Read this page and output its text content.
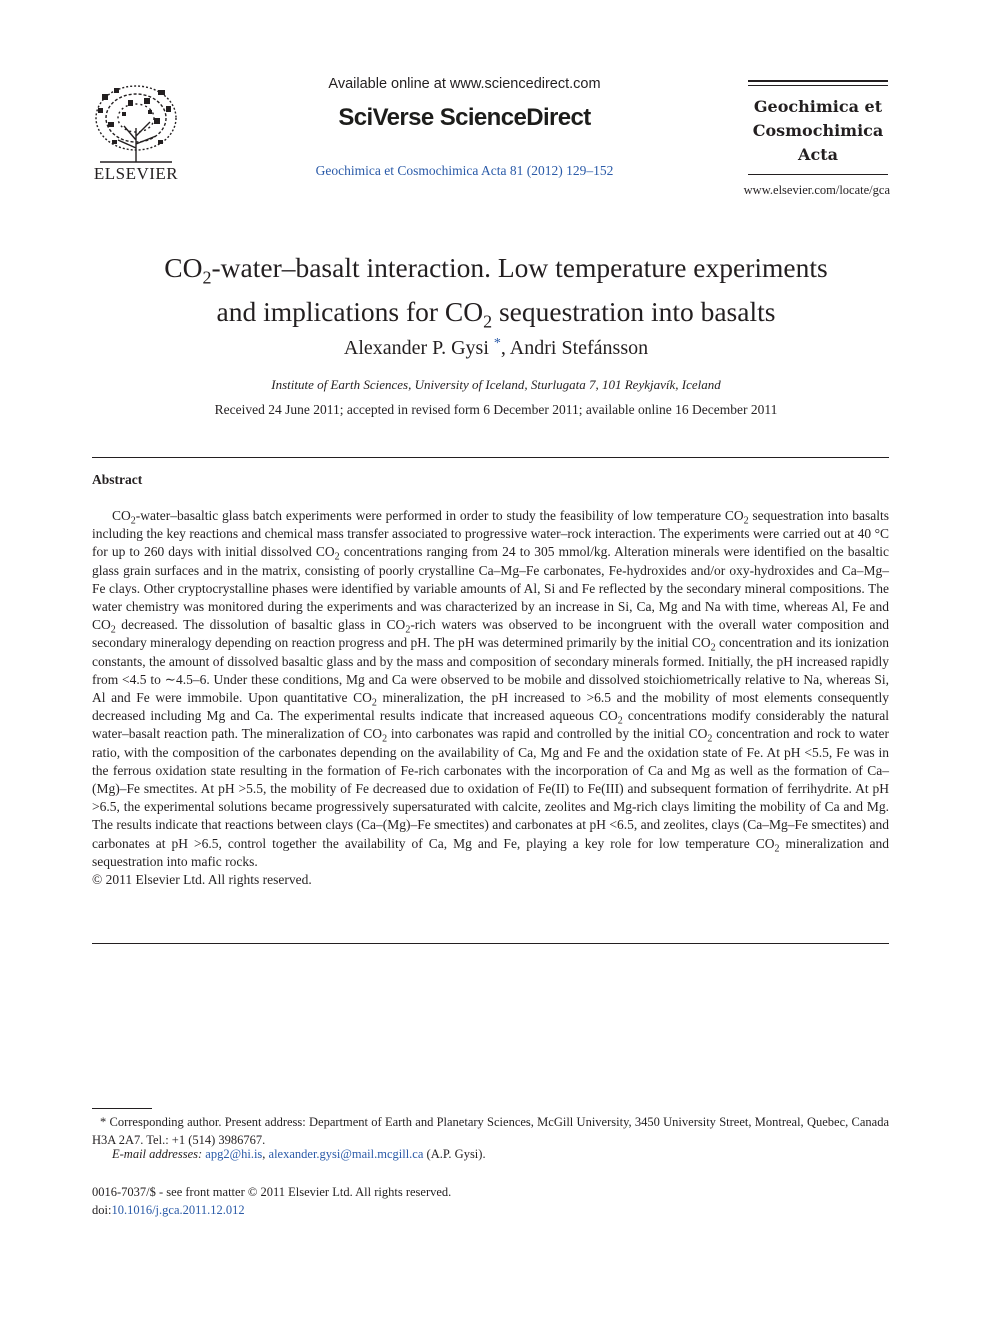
ELSEVIER
Available online at www.sciencedirect.com
SciVerse ScienceDirect
Geochimica et Cosmochimica Acta 81 (2012) 129–152
Geochimica et
Cosmochimica
Acta
www.elsevier.com/locate/gca
$CO_2-water$–basalt interaction. Low temperature experiments
and implications for $CO_2$ sequestration into basalts
Alexander P. Gysi *, Andri Stefánsson
Institute of Earth Sciences, University of Iceland, Sturlugata 7, 101 Reykjavík, Iceland
Received 24 June 2011; accepted in revised form 6 December 2011; available online 16 December 2011
Abstract

$CO_2-water$–basaltic glass batch experiments were performed in order to study the feasibility of low temperature $CO_2$ sequestration into basalts including the key reactions and chemical mass transfer associated to progressive water–rock interaction. The experiments were carried out at 40 °C for up to 260 days with initial dissolved $CO_2$ concentrations ranging from 24 to 305 mmol/kg. Alteration minerals were identified on the basaltic glass grain surfaces and in the matrix, consisting of poorly crystalline Ca–Mg–Fe carbonates, Fe-hydroxides and/or oxy-hydroxides and Ca–Mg–Fe clays. Other cryptocrystalline phases were identified by variable amounts of Al, Si and Fe reflected by the secondary mineral compositions. The water chemistry was monitored during the experiments and was characterized by an increase in Si, Ca, Mg and Na with time, whereas Al, Fe and $CO_2$ decreased. The dissolution of basaltic glass in $CO_2$-rich waters was observed to be incongruent with the overall water composition and secondary mineralogy depending on reaction progress and pH. The pH was determined primarily by the initial $CO_2$ concentration and its ionization constants, the amount of dissolved basaltic glass and by the mass and composition of secondary minerals formed. Initially, the pH increased rapidly from <4.5 to ∼4.5–6. Under these conditions, Mg and Ca were observed to be mobile and dissolved stoichiometrically relative to Na, whereas Si, Al and Fe were immobile. Upon quantitative $CO_2$ mineralization, the pH increased to >6.5 and the mobility of most elements consequently decreased including Mg and Ca. The experimental results indicate that increased aqueous $CO_2$ concentrations modify considerably the natural water–basalt reaction path. The mineralization of $CO_2$ into carbonates was rapid and controlled by the initial $CO_2$ concentration and rock to water ratio, with the composition of the carbonates depending on the availability of Ca, Mg and Fe and the oxidation state of Fe. At pH <5.5, Fe was in the ferrous oxidation state resulting in the formation of Fe-rich carbonates with the incorporation of Ca and Mg as well as the formation of Ca–(Mg)–Fe smectites. At pH >5.5, the mobility of Fe decreased due to oxidation of Fe(II) to Fe(III) and subsequent formation of ferrihydrite. At pH >6.5, the experimental solutions became progressively supersaturated with calcite, zeolites and Mg-rich clays limiting the mobility of Ca and Mg. The results indicate that reactions between clays (Ca–(Mg)–Fe smectites) and carbonates at pH <6.5, and zeolites, clays (Ca–Mg–Fe smectites) and carbonates at pH >6.5, control together the availability of Ca, Mg and Fe, playing a key role for low temperature $CO_2$ mineralization and sequestration into mafic rocks.
© 2011 Elsevier Ltd. All rights reserved.

* Corresponding author. Present address: Department of Earth and Planetary Sciences, McGill University, 3450 University Street, Montreal, Quebec, Canada H3A 2A7. Tel.: +1 (514) 3986767.
E-mail addresses: apg2@hi.is, alexander.gysi@mail.mcgill.ca (A.P. Gysi).
0016-7037/$ - see front matter © 2011 Elsevier Ltd. All rights reserved.
doi:10.1016/j.gca.2011.12.012
